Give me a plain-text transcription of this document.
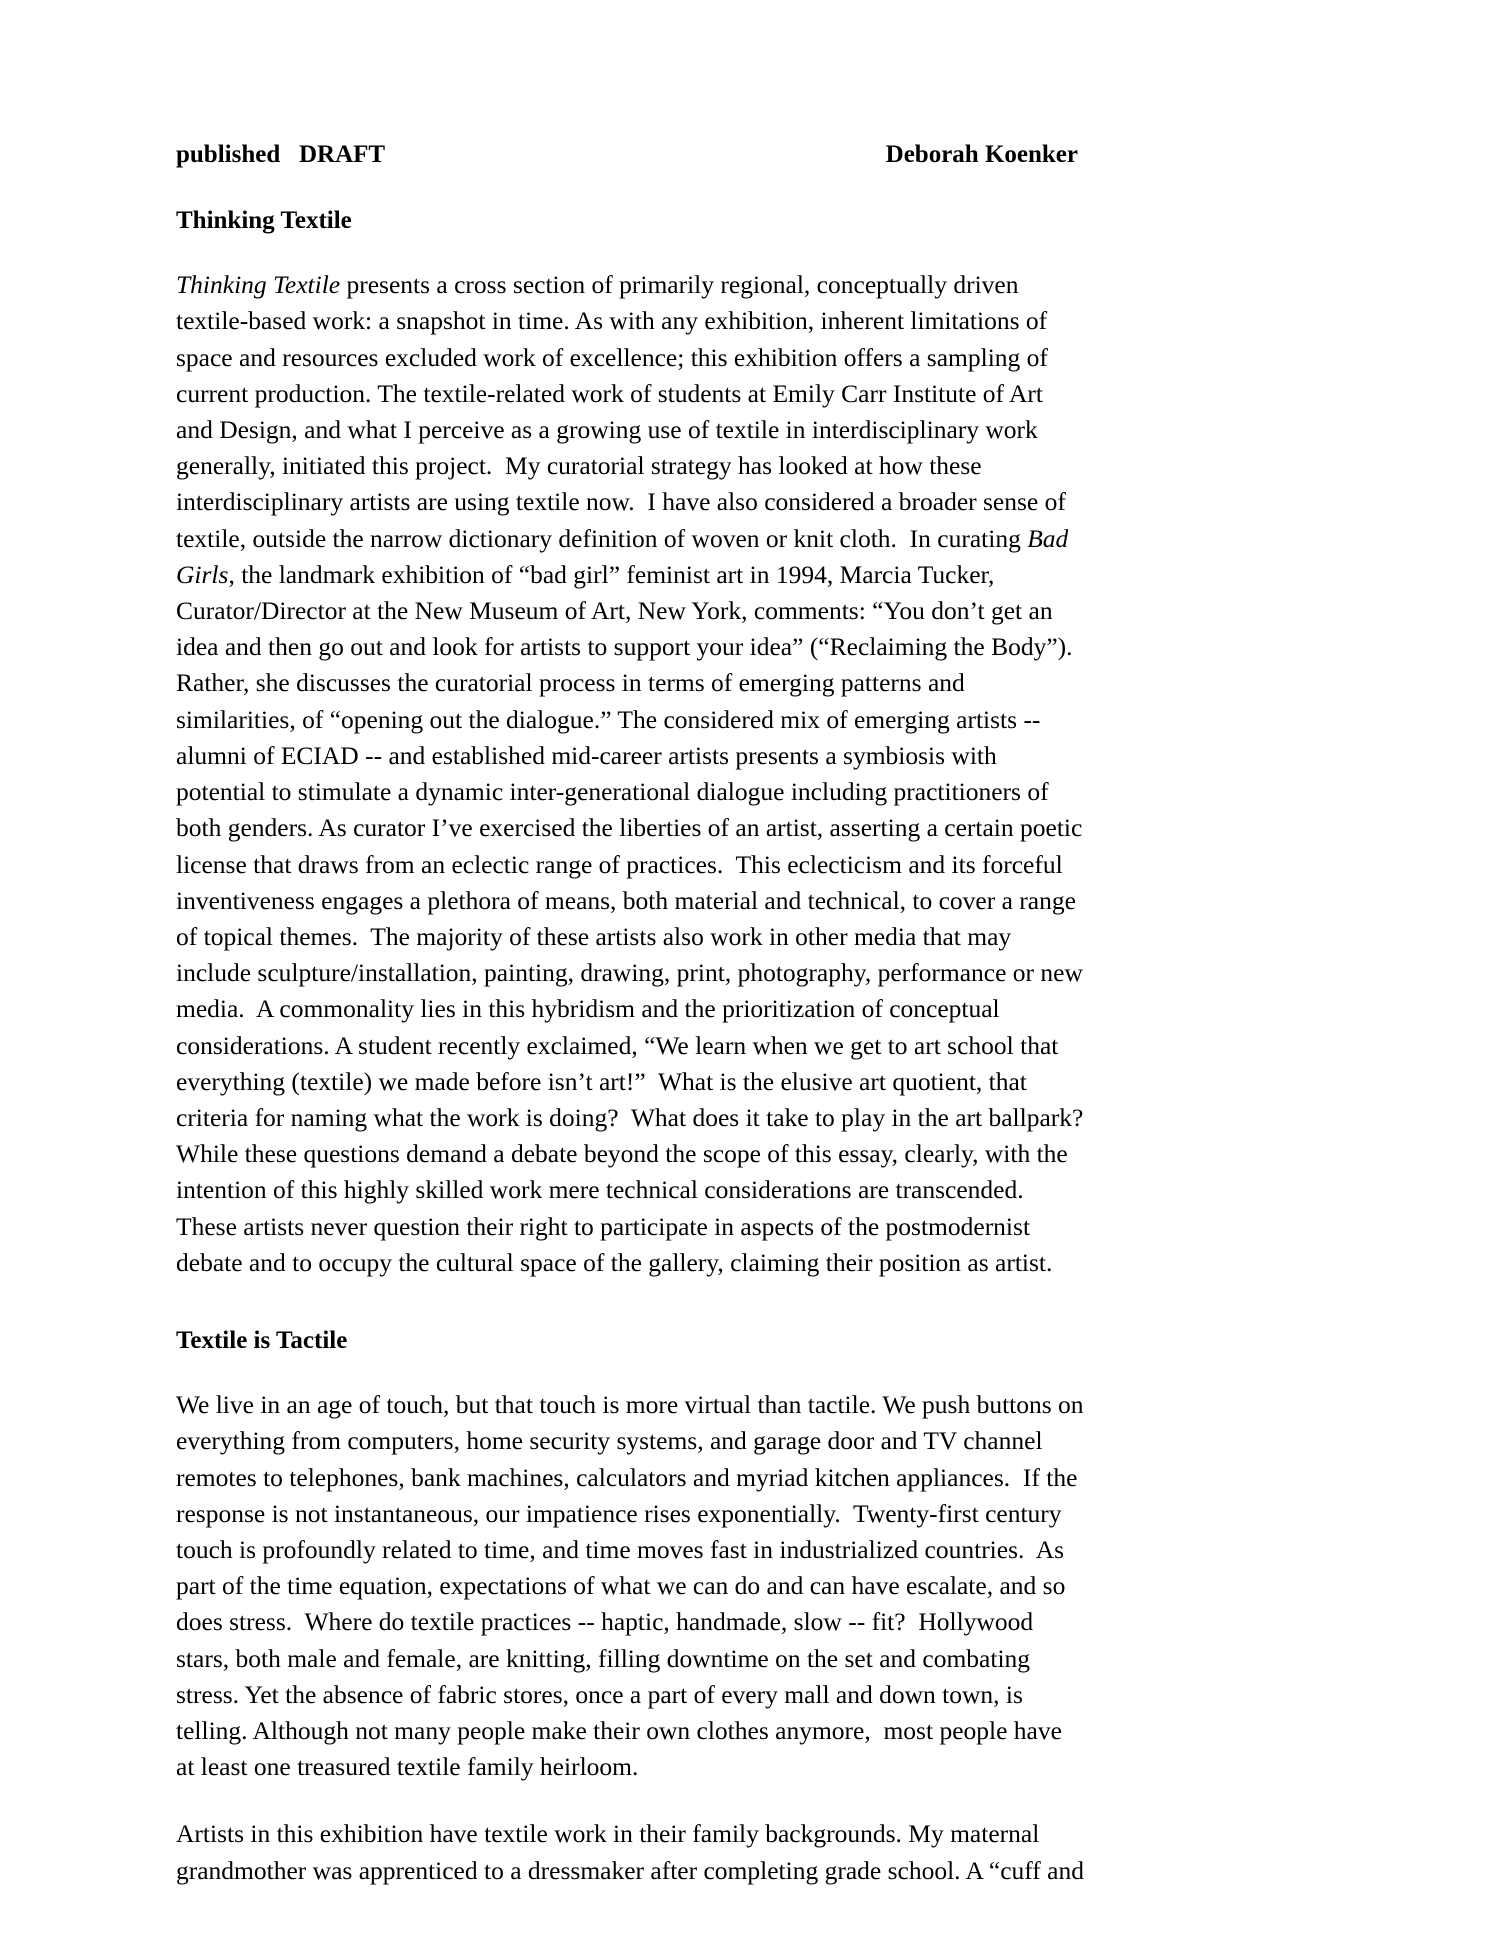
published   DRAFT	Deborah Koenker
Thinking Textile

Thinking Textile presents a cross section of primarily regional, conceptually driven textile-based work: a snapshot in time. As with any exhibition, inherent limitations of space and resources excluded work of excellence; this exhibition offers a sampling of current production. The textile-related work of students at Emily Carr Institute of Art and Design, and what I perceive as a growing use of textile in interdisciplinary work generally, initiated this project.  My curatorial strategy has looked at how these interdisciplinary artists are using textile now.  I have also considered a broader sense of textile, outside the narrow dictionary definition of woven or knit cloth.  In curating Bad Girls, the landmark exhibition of “bad girl” feminist art in 1994, Marcia Tucker, Curator/Director at the New Museum of Art, New York, comments: “You don’t get an idea and then go out and look for artists to support your idea” (“Reclaiming the Body”).   Rather, she discusses the curatorial process in terms of emerging patterns and similarities, of “opening out the dialogue.” The considered mix of emerging artists -- alumni of ECIAD -- and established mid-career artists presents a symbiosis with potential to stimulate a dynamic inter-generational dialogue including practitioners of both genders. As curator I’ve exercised the liberties of an artist, asserting a certain poetic license that draws from an eclectic range of practices.  This eclecticism and its forceful inventiveness engages a plethora of means, both material and technical, to cover a range of topical themes.  The majority of these artists also work in other media that may include sculpture/installation, painting, drawing, print, photography, performance or new media.  A commonality lies in this hybridism and the prioritization of conceptual considerations. A student recently exclaimed, “We learn when we get to art school that everything (textile) we made before isn’t art!”  What is the elusive art quotient, that criteria for naming what the work is doing?  What does it take to play in the art ballpark?  While these questions demand a debate beyond the scope of this essay, clearly, with the intention of this highly skilled work mere technical considerations are transcended.  These artists never question their right to participate in aspects of the postmodernist debate and to occupy the cultural space of the gallery, claiming their position as artist.

Textile is Tactile

We live in an age of touch, but that touch is more virtual than tactile. We push buttons on everything from computers, home security systems, and garage door and TV channel remotes to telephones, bank machines, calculators and myriad kitchen appliances.  If the response is not instantaneous, our impatience rises exponentially.  Twenty-first century touch is profoundly related to time, and time moves fast in industrialized countries.  As part of the time equation, expectations of what we can do and can have escalate, and so does stress.  Where do textile practices -- haptic, handmade, slow -- fit?  Hollywood stars, both male and female, are knitting, filling downtime on the set and combating stress. Yet the absence of fabric stores, once a part of every mall and down town, is telling. Although not many people make their own clothes anymore,  most people have at least one treasured textile family heirloom.

Artists in this exhibition have textile work in their family backgrounds. My maternal grandmother was apprenticed to a dressmaker after completing grade school. A “cuff and
